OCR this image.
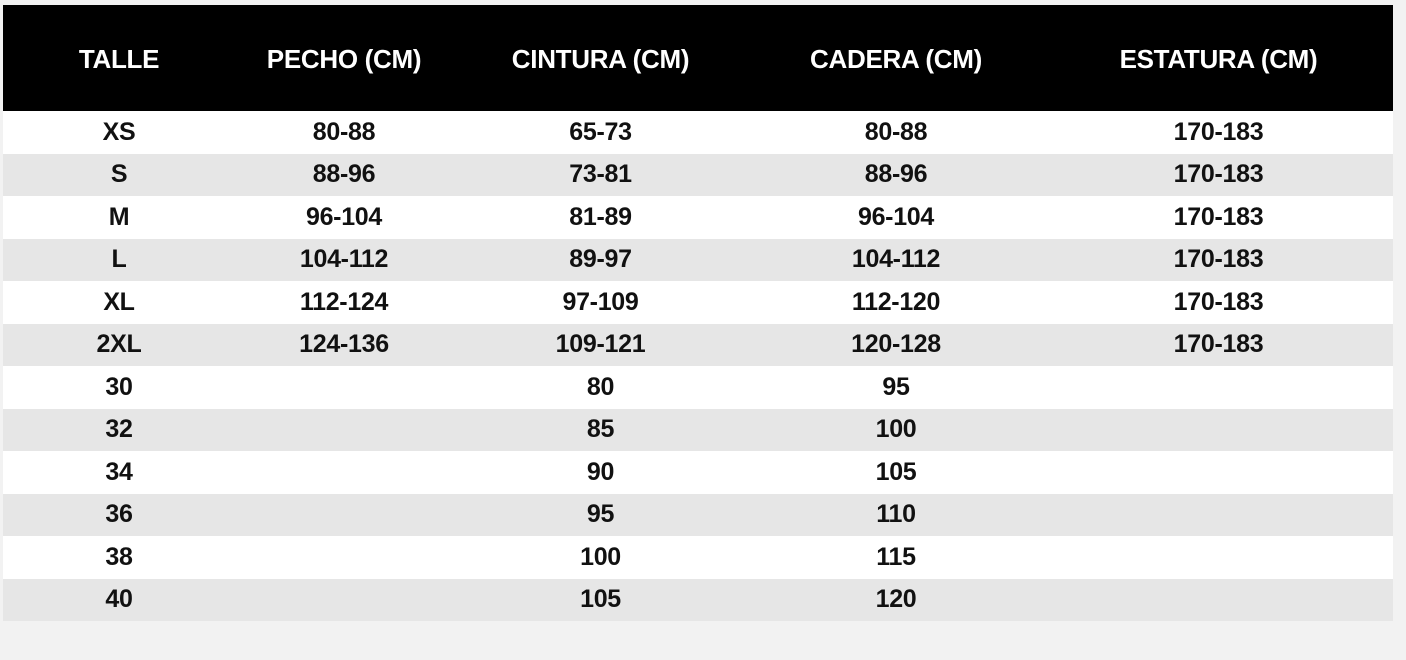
TALLE	PECHO (CM)	CINTURA (CM)	CADERA (CM)	ESTATURA (CM)
XS	80-88	65-73	80-88	170-183
S	88-96	73-81	88-96	170-183
M	96-104	81-89	96-104	170-183
L	104-112	89-97	104-112	170-183
XL	112-124	97-109	112-120	170-183
2XL	124-136	109-121	120-128	170-183
30		80	95	
32		85	100	
34		90	105	
36		95	110	
38		100	115	
40		105	120	
